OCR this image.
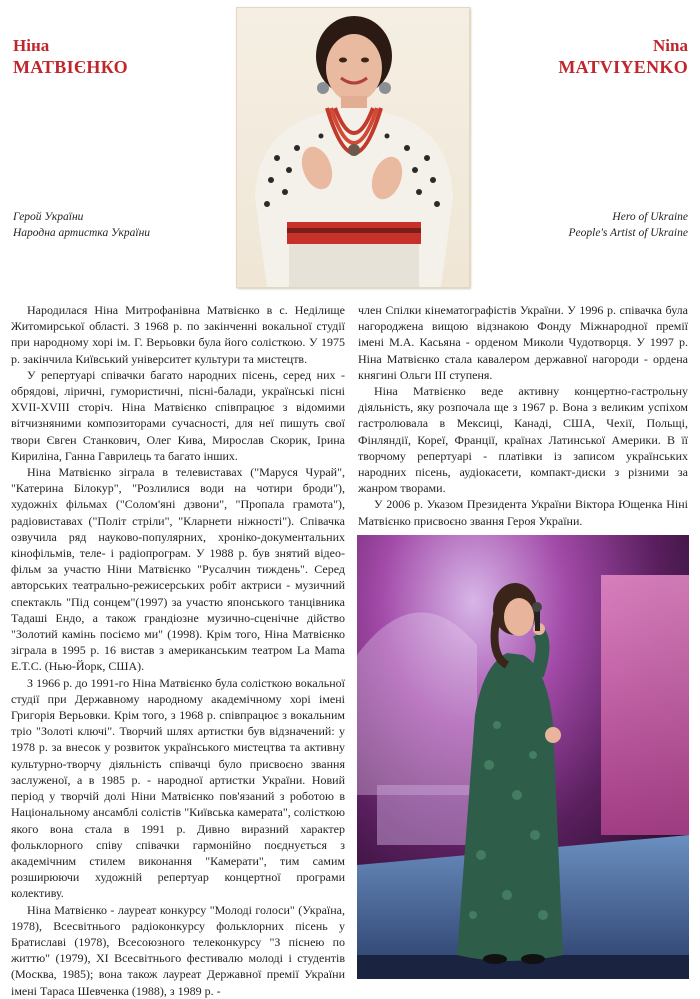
Ніна
МАТВІЄНКО
Nina
MATVIYENKO
Герой України
Народна артистка України
Hero of Ukraine
People's Artist of Ukraine

Народилася Ніна Митрофанівна Матвієнко в с. Неділище Житомирської області. З 1968 р. по закінченні вокальної студії при народному хорі ім. Г. Верьовки була його солісткою. У 1975 р. закінчила Київський університет культури та мистецтв.

У репертуарі співачки багато народних пісень, серед них - обрядові, ліричні, гумористичні, пісні-балади, українські пісні XVII-XVIII сторіч. Ніна Матвієнко співпрацює з відомими вітчизняними композиторами сучасності, для неї пишуть свої твори Євген Станкович, Олег Кива, Мирослав Скорик, Ірина Кириліна, Ганна Гаврилець та багато інших.

Ніна Матвієнко зіграла в телевиставах ("Маруся Чурай", "Катерина Білокур", "Розлилися води на чотири броди"), художніх фільмах ("Солом'яні дзвони", "Пропала грамота"), радіовиставах ("Політ стріли", "Кларнети ніжності"). Співачка озвучила ряд науково-популярних, хроніко-документальних кінофільмів, теле- і радіопрограм. У 1988 р. був знятий відео-фільм за участю Ніни Матвієнко "Русалчин тиждень". Серед авторських театрально-режисерських робіт актриси - музичний спектакль "Під сонцем"(1997) за участю японського танцівника Тадаші Ендо, а також грандіозне музично-сценічне дійство "Золотий камінь посіємо ми" (1998). Крім того, Ніна Матвієнко зіграла в 1995 р. 16 вистав з американським театром La Mama E.T.C. (Нью-Йорк, США).

З 1966 р. до 1991-го Ніна Матвієнко була солісткою вокальної студії при Державному народному академічному хорі імені Григорія Верьовки. Крім того, з 1968 р. співпрацює з вокальним тріо "Золоті ключі". Творчий шлях артистки був відзначений: у 1978 р. за внесок у розвиток українського мистецтва та активну культурно-творчу діяльність співачці було присвоєно звання заслуженої, а в 1985 р. - народної артистки України. Новий період у творчій долі Ніни Матвієнко пов'язаний з роботою в Національному ансамблі солістів "Київська камерата", солісткою якого вона стала в 1991 р. Дивно виразний характер фольклорного співу співачки гармонійно поєднується з академічним стилем виконання "Камерати", тим самим розширюючи художній репертуар концертної програми колективу.

Ніна Матвієнко - лауреат конкурсу "Молоді голоси" (Україна, 1978), Всесвітнього радіоконкурсу фольклорних пісень у Братиславі (1978), Всесоюзного телеконкурсу "З піснею по життю" (1979), XI Всесвітнього фестивалю молоді і студентів (Москва, 1985); вона також лауреат Державної премії України імені Тараса Шевченка (1988), з 1989 р. -

член Спілки кінематографістів України. У 1996 р. співачка була нагороджена вищою відзнакою Фонду Міжнародної премії імені М.А. Касьяна - орденом Миколи Чудотворця. У 1997 р. Ніна Матвієнко стала кавалером державної нагороди - ордена княгині Ольги III ступеня.

Ніна Матвієнко веде активну концертно-гастрольну діяльність, яку розпочала ще з 1967 р. Вона з великим успіхом гастролювала в Мексиці, Канаді, США, Чехії, Польщі, Фінляндії, Кореї, Франції, країнах Латинської Америки. В її творчому репертуарі - платівки із записом українських народних пісень, аудіокасети, компакт-диски з різними за жанром творами.

У 2006 р. Указом Президента України Віктора Ющенка Ніні Матвієнко присвоєно звання Героя України.
